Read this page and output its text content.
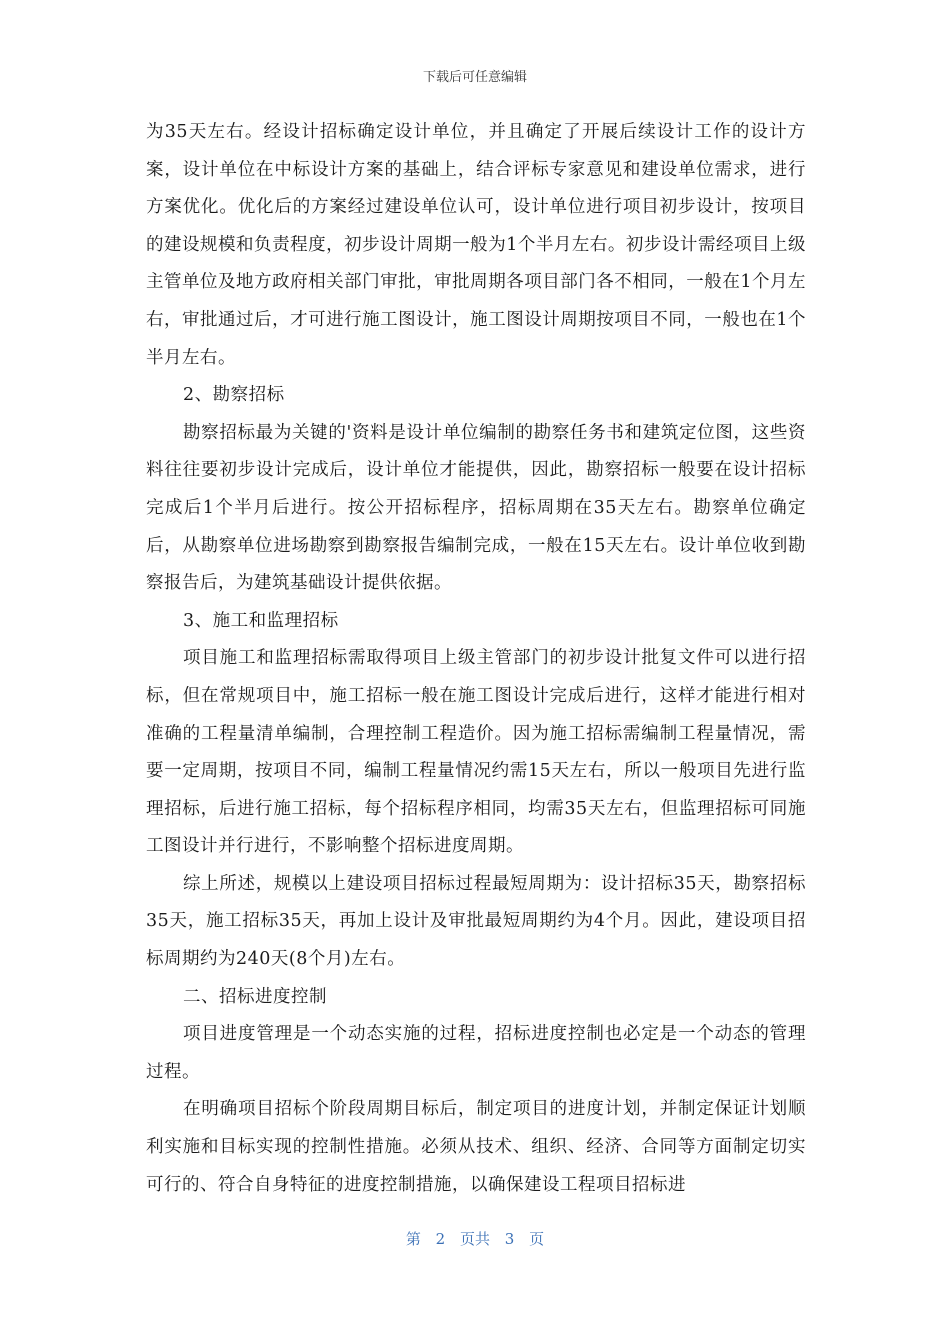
下载后可任意编辑

为35天左右。经设计招标确定设计单位，并且确定了开展后续设计工作的设计方案，设计单位在中标设计方案的基础上，结合评标专家意见和建设单位需求，进行方案优化。优化后的方案经过建设单位认可，设计单位进行项目初步设计，按项目的建设规模和负责程度，初步设计周期一般为1个半月左右。初步设计需经项目上级主管单位及地方政府相关部门审批，审批周期各项目部门各不相同，一般在1个月左右，审批通过后，才可进行施工图设计，施工图设计周期按项目不同，一般也在1个半月左右。

2、勘察招标

勘察招标最为关键的'资料是设计单位编制的勘察任务书和建筑定位图，这些资料往往要初步设计完成后，设计单位才能提供，因此，勘察招标一般要在设计招标完成后1个半月后进行。按公开招标程序，招标周期在35天左右。勘察单位确定后，从勘察单位进场勘察到勘察报告编制完成，一般在15天左右。设计单位收到勘察报告后，为建筑基础设计提供依据。

3、施工和监理招标

项目施工和监理招标需取得项目上级主管部门的初步设计批复文件可以进行招标，但在常规项目中，施工招标一般在施工图设计完成后进行，这样才能进行相对准确的工程量清单编制，合理控制工程造价。因为施工招标需编制工程量情况，需要一定周期，按项目不同，编制工程量情况约需15天左右，所以一般项目先进行监理招标，后进行施工招标，每个招标程序相同，均需35天左右，但监理招标可同施工图设计并行进行，不影响整个招标进度周期。

综上所述，规模以上建设项目招标过程最短周期为：设计招标35天，勘察招标35天，施工招标35天，再加上设计及审批最短周期约为4个月。因此，建设项目招标周期约为240天(8个月)左右。

二、招标进度控制

项目进度管理是一个动态实施的过程，招标进度控制也必定是一个动态的管理过程。

在明确项目招标个阶段周期目标后，制定项目的进度计划，并制定保证计划顺利实施和目标实现的控制性措施。必须从技术、组织、经济、合同等方面制定切实可行的、符合自身特征的进度控制措施，以确保建设工程项目招标进

第 2 页共 3 页
